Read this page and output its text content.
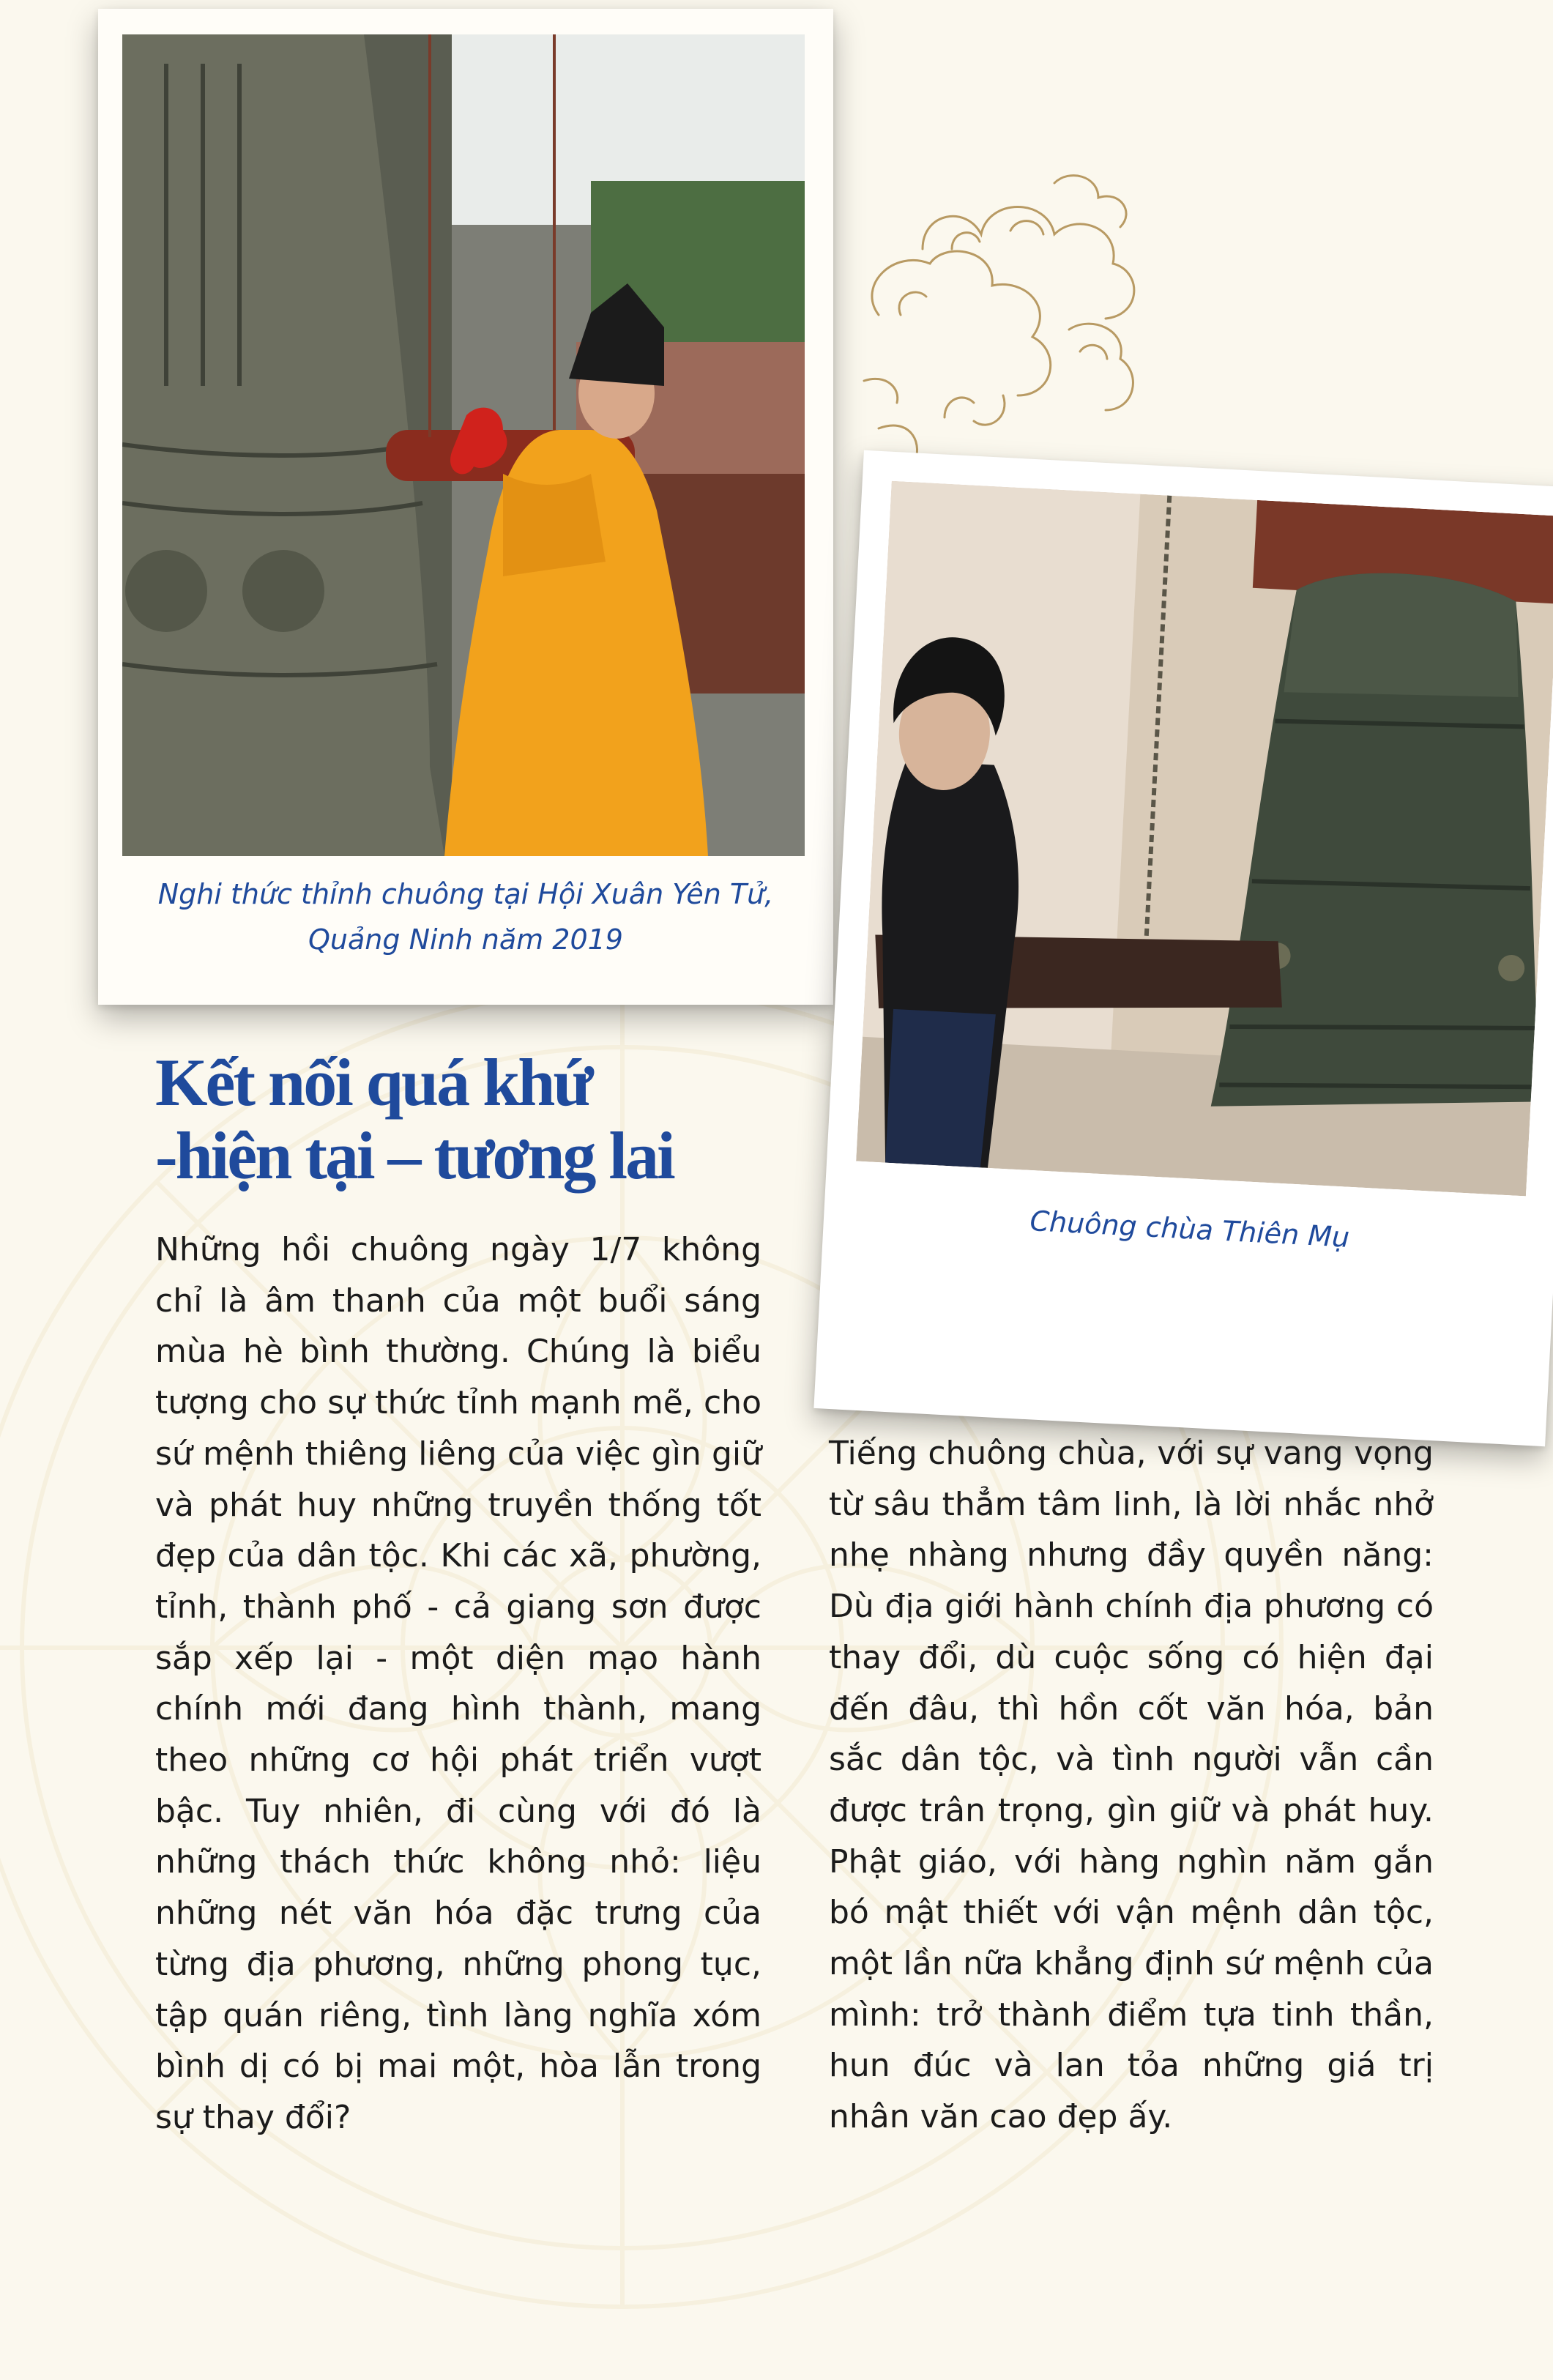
Nghi thức thỉnh chuông tại Hội Xuân Yên Tử,
Quảng Ninh năm 2019
Chuông chùa Thiên Mụ
Kết nối quá khứ
-hiện tại – tương lai

Những hồi chuông ngày 1/7 không chỉ là âm thanh của một buổi sáng mùa hè bình thường. Chúng là biểu tượng cho sự thức tỉnh mạnh mẽ, cho sứ mệnh thiêng liêng của việc gìn giữ và phát huy những truyền thống tốt đẹp của dân tộc. Khi các xã, phường, tỉnh, thành phố - cả giang sơn được sắp xếp lại - một diện mạo hành chính mới đang hình thành, mang theo những cơ hội phát triển vượt bậc. Tuy nhiên, đi cùng với đó là những thách thức không nhỏ: liệu những nét văn hóa đặc trưng của từng địa phương, những phong tục, tập quán riêng, tình làng nghĩa xóm bình dị có bị mai một, hòa lẫn trong sự thay đổi?

Tiếng chuông chùa, với sự vang vọng từ sâu thẳm tâm linh, là lời nhắc nhở nhẹ nhàng nhưng đầy quyền năng: Dù địa giới hành chính địa phương có thay đổi, dù cuộc sống có hiện đại đến đâu, thì hồn cốt văn hóa, bản sắc dân tộc, và tình người vẫn cần được trân trọng, gìn giữ và phát huy. Phật giáo, với hàng nghìn năm gắn bó mật thiết với vận mệnh dân tộc, một lần nữa khẳng định sứ mệnh của mình: trở thành điểm tựa tinh thần, hun đúc và lan tỏa những giá trị nhân văn cao đẹp ấy.
